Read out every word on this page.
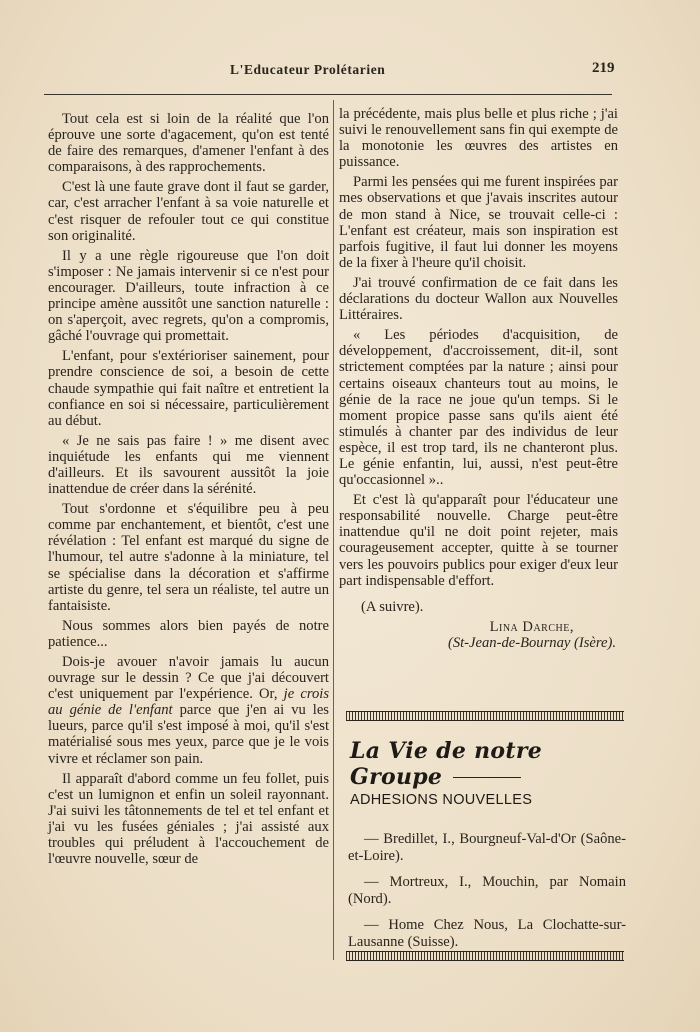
L'Educateur Prolétarien	219

Tout cela est si loin de la réalité que l'on éprouve une sorte d'agacement, qu'on est tenté de faire des remarques, d'amener l'enfant à des comparaisons, à des rapprochements.

C'est là une faute grave dont il faut se garder, car, c'est arracher l'enfant à sa voie naturelle et c'est risquer de refouler tout ce qui constitue son originalité.

Il y a une règle rigoureuse que l'on doit s'imposer : Ne jamais intervenir si ce n'est pour encourager. D'ailleurs, toute infraction à ce principe amène aussitôt une sanction naturelle : on s'aperçoit, avec regrets, qu'on a compromis, gâché l'ouvrage qui promettait.

L'enfant, pour s'extérioriser sainement, pour prendre conscience de soi, a besoin de cette chaude sympathie qui fait naître et entretient la confiance en soi si nécessaire, particulièrement au début.

« Je ne sais pas faire ! » me disent avec inquiétude les enfants qui me viennent d'ailleurs. Et ils savourent aussitôt la joie inattendue de créer dans la sérénité.

Tout s'ordonne et s'équilibre peu à peu comme par enchantement, et bientôt, c'est une révélation : Tel enfant est marqué du signe de l'humour, tel autre s'adonne à la miniature, tel se spécialise dans la décoration et s'affirme artiste du genre, tel sera un réaliste, tel autre un fantaisiste.

Nous sommes alors bien payés de notre patience...

Dois-je avouer n'avoir jamais lu aucun ouvrage sur le dessin ? Ce que j'ai découvert c'est uniquement par l'expérience. Or, je crois au génie de l'enfant parce que j'en ai vu les lueurs, parce qu'il s'est imposé à moi, qu'il s'est matérialisé sous mes yeux, parce que je le vois vivre et réclamer son pain.

Il apparaît d'abord comme un feu follet, puis c'est un lumignon et enfin un soleil rayonnant. J'ai suivi les tâtonnements de tel et tel enfant et j'ai vu les fusées géniales ; j'ai assisté aux troubles qui préludent à l'accouchement de l'œuvre nouvelle, sœur de

la précédente, mais plus belle et plus riche ; j'ai suivi le renouvellement sans fin qui exempte de la monotonie les œuvres des artistes en puissance.

Parmi les pensées qui me furent inspirées par mes observations et que j'avais inscrites autour de mon stand à Nice, se trouvait celle-ci : L'enfant est créateur, mais son inspiration est parfois fugitive, il faut lui donner les moyens de la fixer à l'heure qu'il choisit.

J'ai trouvé confirmation de ce fait dans les déclarations du docteur Wallon aux Nouvelles Littéraires.

« Les périodes d'acquisition, de développement, d'accroissement, dit-il, sont strictement comptées par la nature ; ainsi pour certains oiseaux chanteurs tout au moins, le génie de la race ne joue qu'un temps. Si le moment propice passe sans qu'ils aient été stimulés à chanter par des individus de leur espèce, il est trop tard, ils ne chanteront plus. Le génie enfantin, lui, aussi, n'est peut-être qu'occasionnel »..

Et c'est là qu'apparaît pour l'éducateur une responsabilité nouvelle. Charge peut-être inattendue qu'il ne doit point rejeter, mais courageusement accepter, quitte à se tourner vers les pouvoirs publics pour exiger d'eux leur part indispensable d'effort.

(A suivre).

Lina Darche,
(St-Jean-de-Bournay (Isère).
La Vie de notre Groupe
ADHESIONS NOUVELLES

— Bredillet, I., Bourgneuf-Val-d'Or (Saône-et-Loire).

— Mortreux, I., Mouchin, par Nomain (Nord).

— Home Chez Nous, La Clochatte-sur-Lausanne (Suisse).
